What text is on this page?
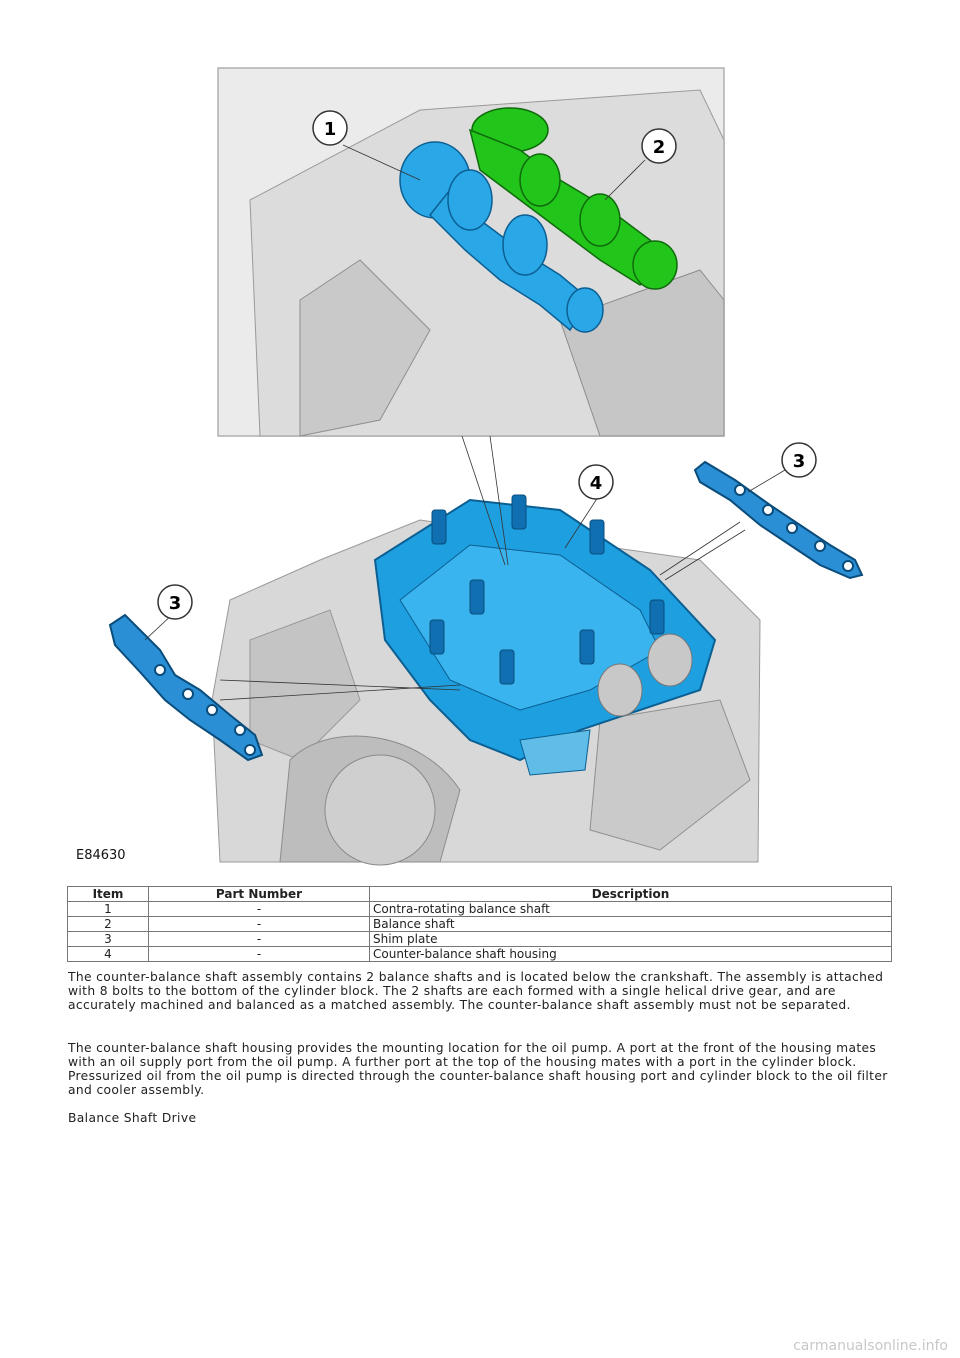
1
2
3
4
3
E84630
Item	Part Number	Description
1	-	Contra-rotating balance shaft
2	-	Balance shaft
3	-	Shim plate
4	-	Counter-balance shaft housing
The counter-balance shaft assembly contains 2 balance shafts and is located below the crankshaft. The assembly is attached with 8 bolts to the bottom of the cylinder block. The 2 shafts are each formed with a single helical drive gear, and are accurately machined and balanced as a matched assembly. The counter-balance shaft assembly must not be separated.
The counter-balance shaft housing provides the mounting location for the oil pump. A port at the front of the housing mates with an oil supply port from the oil pump. A further port at the top of the housing mates with a port in the cylinder block. Pressurized oil from the oil pump is directed through the counter-balance shaft housing port and cylinder block to the oil filter and cooler assembly.
Balance Shaft Drive
carmanualsonline.info
